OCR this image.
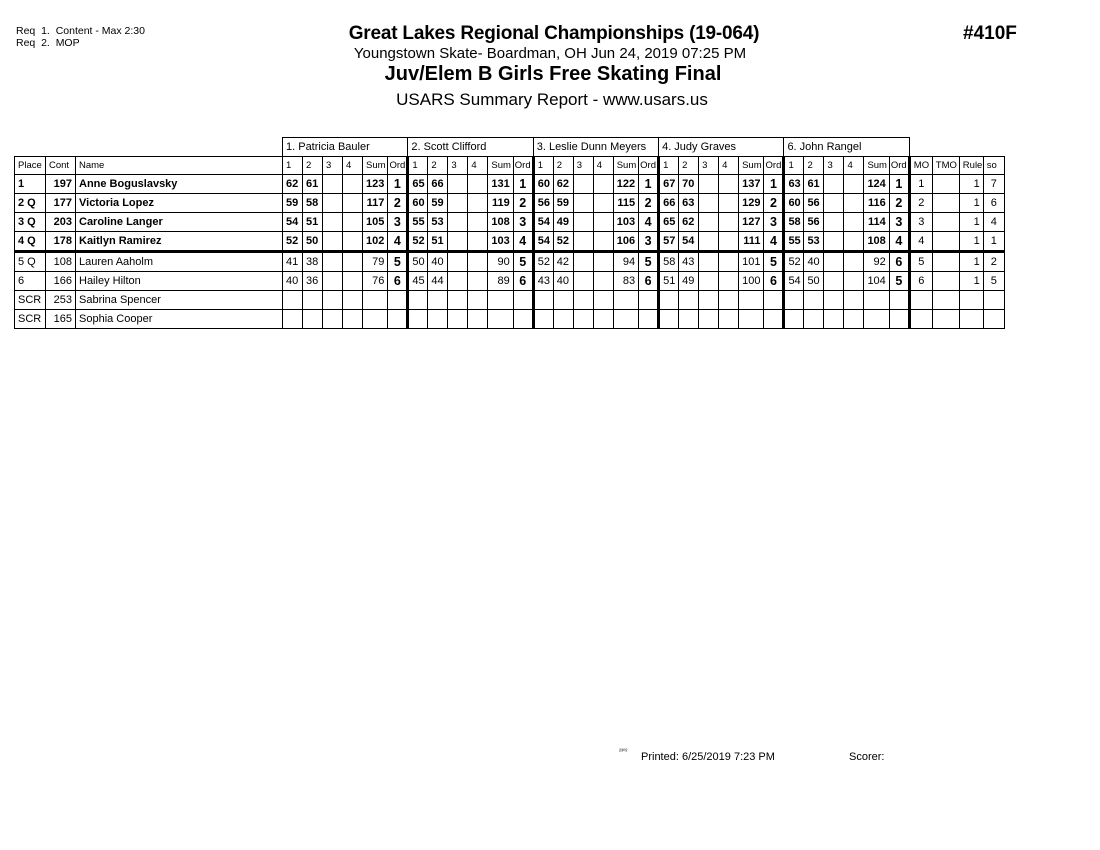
Req  1.  Content - Max 2:30
Req  2.  MOP	Great Lakes Regional Championships (19-064)
Youngstown Skate- Boardman, OH Jun 24, 2019 07:25 PM
Juv/Elem B Girls Free Skating Final
USARS Summary Report - www.usars.us
#410F
			1. Patricia Bauler						2. Scott Clifford						3. Leslie Dunn Meyers						4. Judy Graves						6. John Rangel									
Place	Cont	Name	1	2	3	4	Sum	Ord	1	2	3	4	Sum	Ord	1	2	3	4	Sum	Ord	1	2	3	4	Sum	Ord	1	2	3	4	Sum	Ord	MO	TMO	Rule	so
1	197	Anne Boguslavsky	62	61			123	1	65	66			131	1	60	62			122	1	67	70			137	1	63	61			124	1	1		1	7
2 Q	177	Victoria Lopez	59	58			117	2	60	59			119	2	56	59			115	2	66	63			129	2	60	56			116	2	2		1	6
3 Q	203	Caroline Langer	54	51			105	3	55	53			108	3	54	49			103	4	65	62			127	3	58	56			114	3	3		1	4
4 Q	178	Kaitlyn Ramirez	52	50			102	4	52	51			103	4	54	52			106	3	57	54			111	4	55	53			108	4	4		1	1
5 Q	108	Lauren Aaholm	41	38			79	5	50	40			90	5	52	42			94	5	58	43			101	5	52	40			92	6	5		1	2
6	166	Hailey Hilton	40	36			76	6	45	44			89	6	43	40			83	6	51	49			100	6	54	50			104	5	6		1	5
SCR	253	Sabrina Spencer																																		
SCR	165	Sophia Cooper																																		
²³⁰² Printed: 6/25/2019 7:23 PM	Scorer:
